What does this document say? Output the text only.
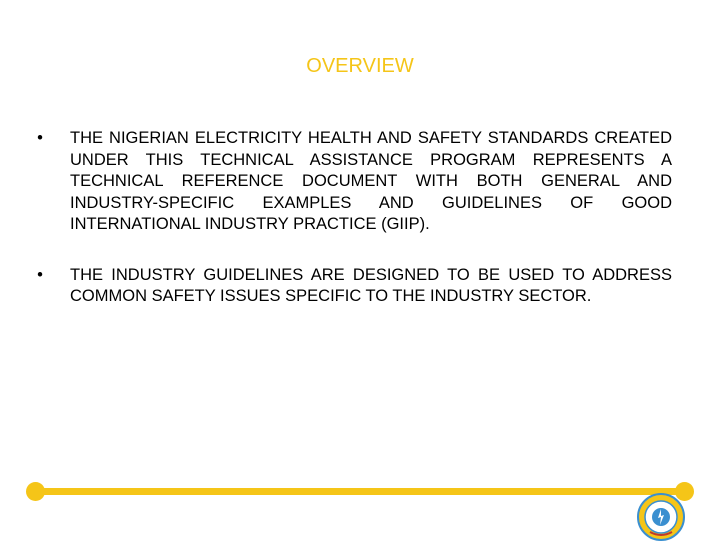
OVERVIEW
•	THE NIGERIAN ELECTRICITY HEALTH AND SAFETY STANDARDS CREATED UNDER THIS TECHNICAL ASSISTANCE PROGRAM REPRESENTS A TECHNICAL REFERENCE DOCUMENT WITH BOTH GENERAL AND INDUSTRY-SPECIFIC EXAMPLES AND GUIDELINES OF GOOD INTERNATIONAL INDUSTRY PRACTICE (GIIP).
•	THE INDUSTRY GUIDELINES ARE DESIGNED TO BE USED TO ADDRESS COMMON SAFETY ISSUES SPECIFIC TO THE INDUSTRY SECTOR.
